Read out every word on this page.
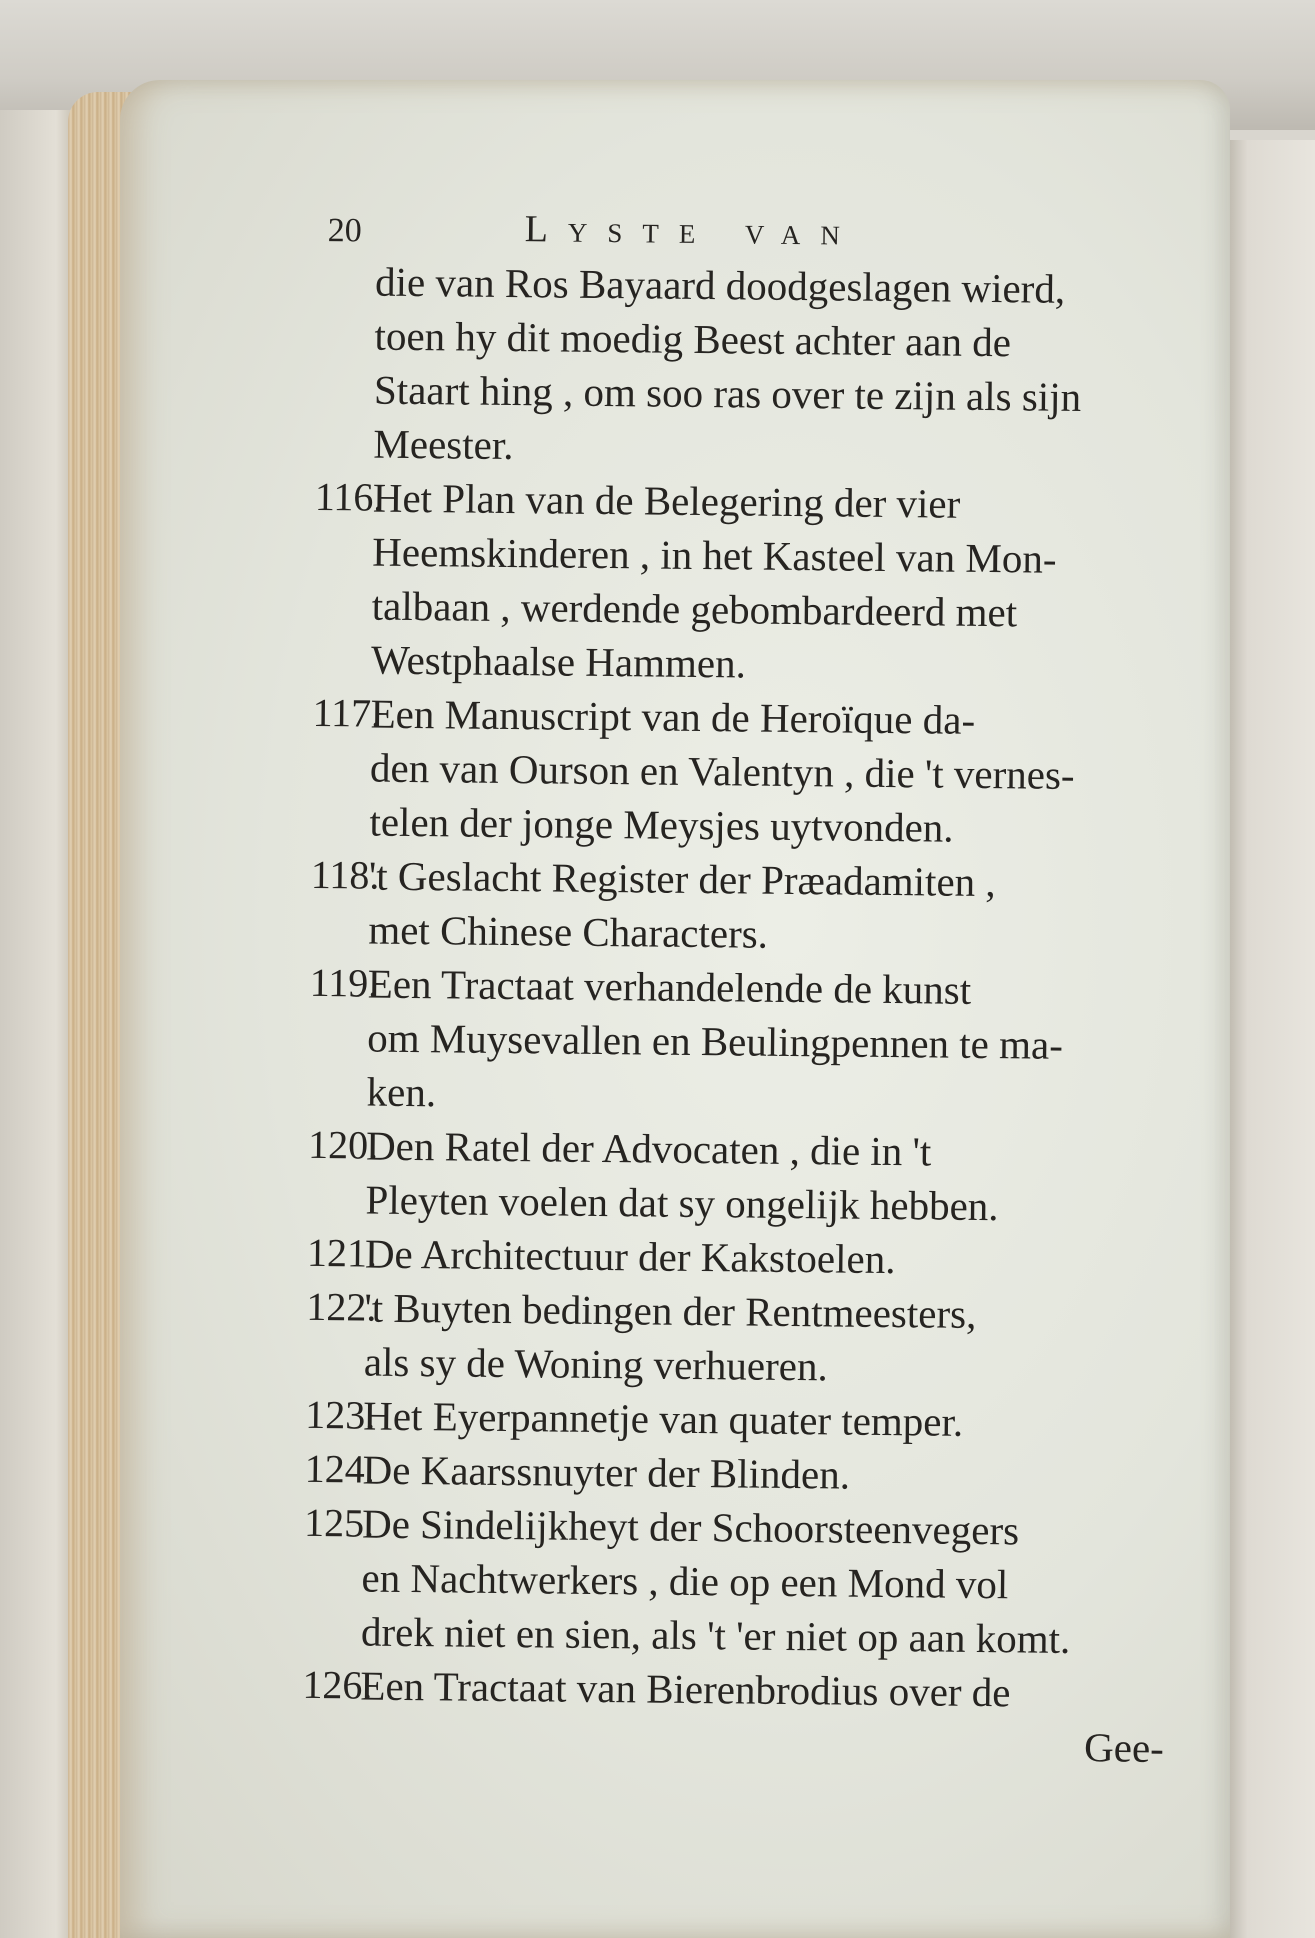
20	Lyste van
die van Ros Bayaard doodgeslagen wierd,
toen hy dit moedig Beest achter aan de
Staart hing , om soo ras over te zijn als sijn
Meester.
116.
Het Plan van de Belegering der vier
Heemskinderen , in het Kasteel van Mon-
talbaan , werdende gebombardeerd met
Westphaalse Hammen.
117.
Een Manuscript van de Heroïque da-
den van Ourson en Valentyn , die 't vernes-
telen der jonge Meysjes uytvonden.
118.
't Geslacht Register der Præadamiten ,
met Chinese Characters.
119.
Een Tractaat verhandelende de kunst
om Muysevallen en Beulingpennen te ma-
ken.
120.
Den Ratel der Advocaten , die in 't
Pleyten voelen dat sy ongelijk hebben.
121.
De Architectuur der Kakstoelen.
122.
't Buyten bedingen der Rentmeesters,
als sy de Woning verhueren.
123.
Het Eyerpannetje van quater temper.
124.
De Kaarssnuyter der Blinden.
125.
De Sindelijkheyt der Schoorsteenvegers
en Nachtwerkers , die op een Mond vol
drek niet en sien, als 't 'er niet op aan komt.
126.
Een Tractaat van Bierenbrodius over de
Gee-
